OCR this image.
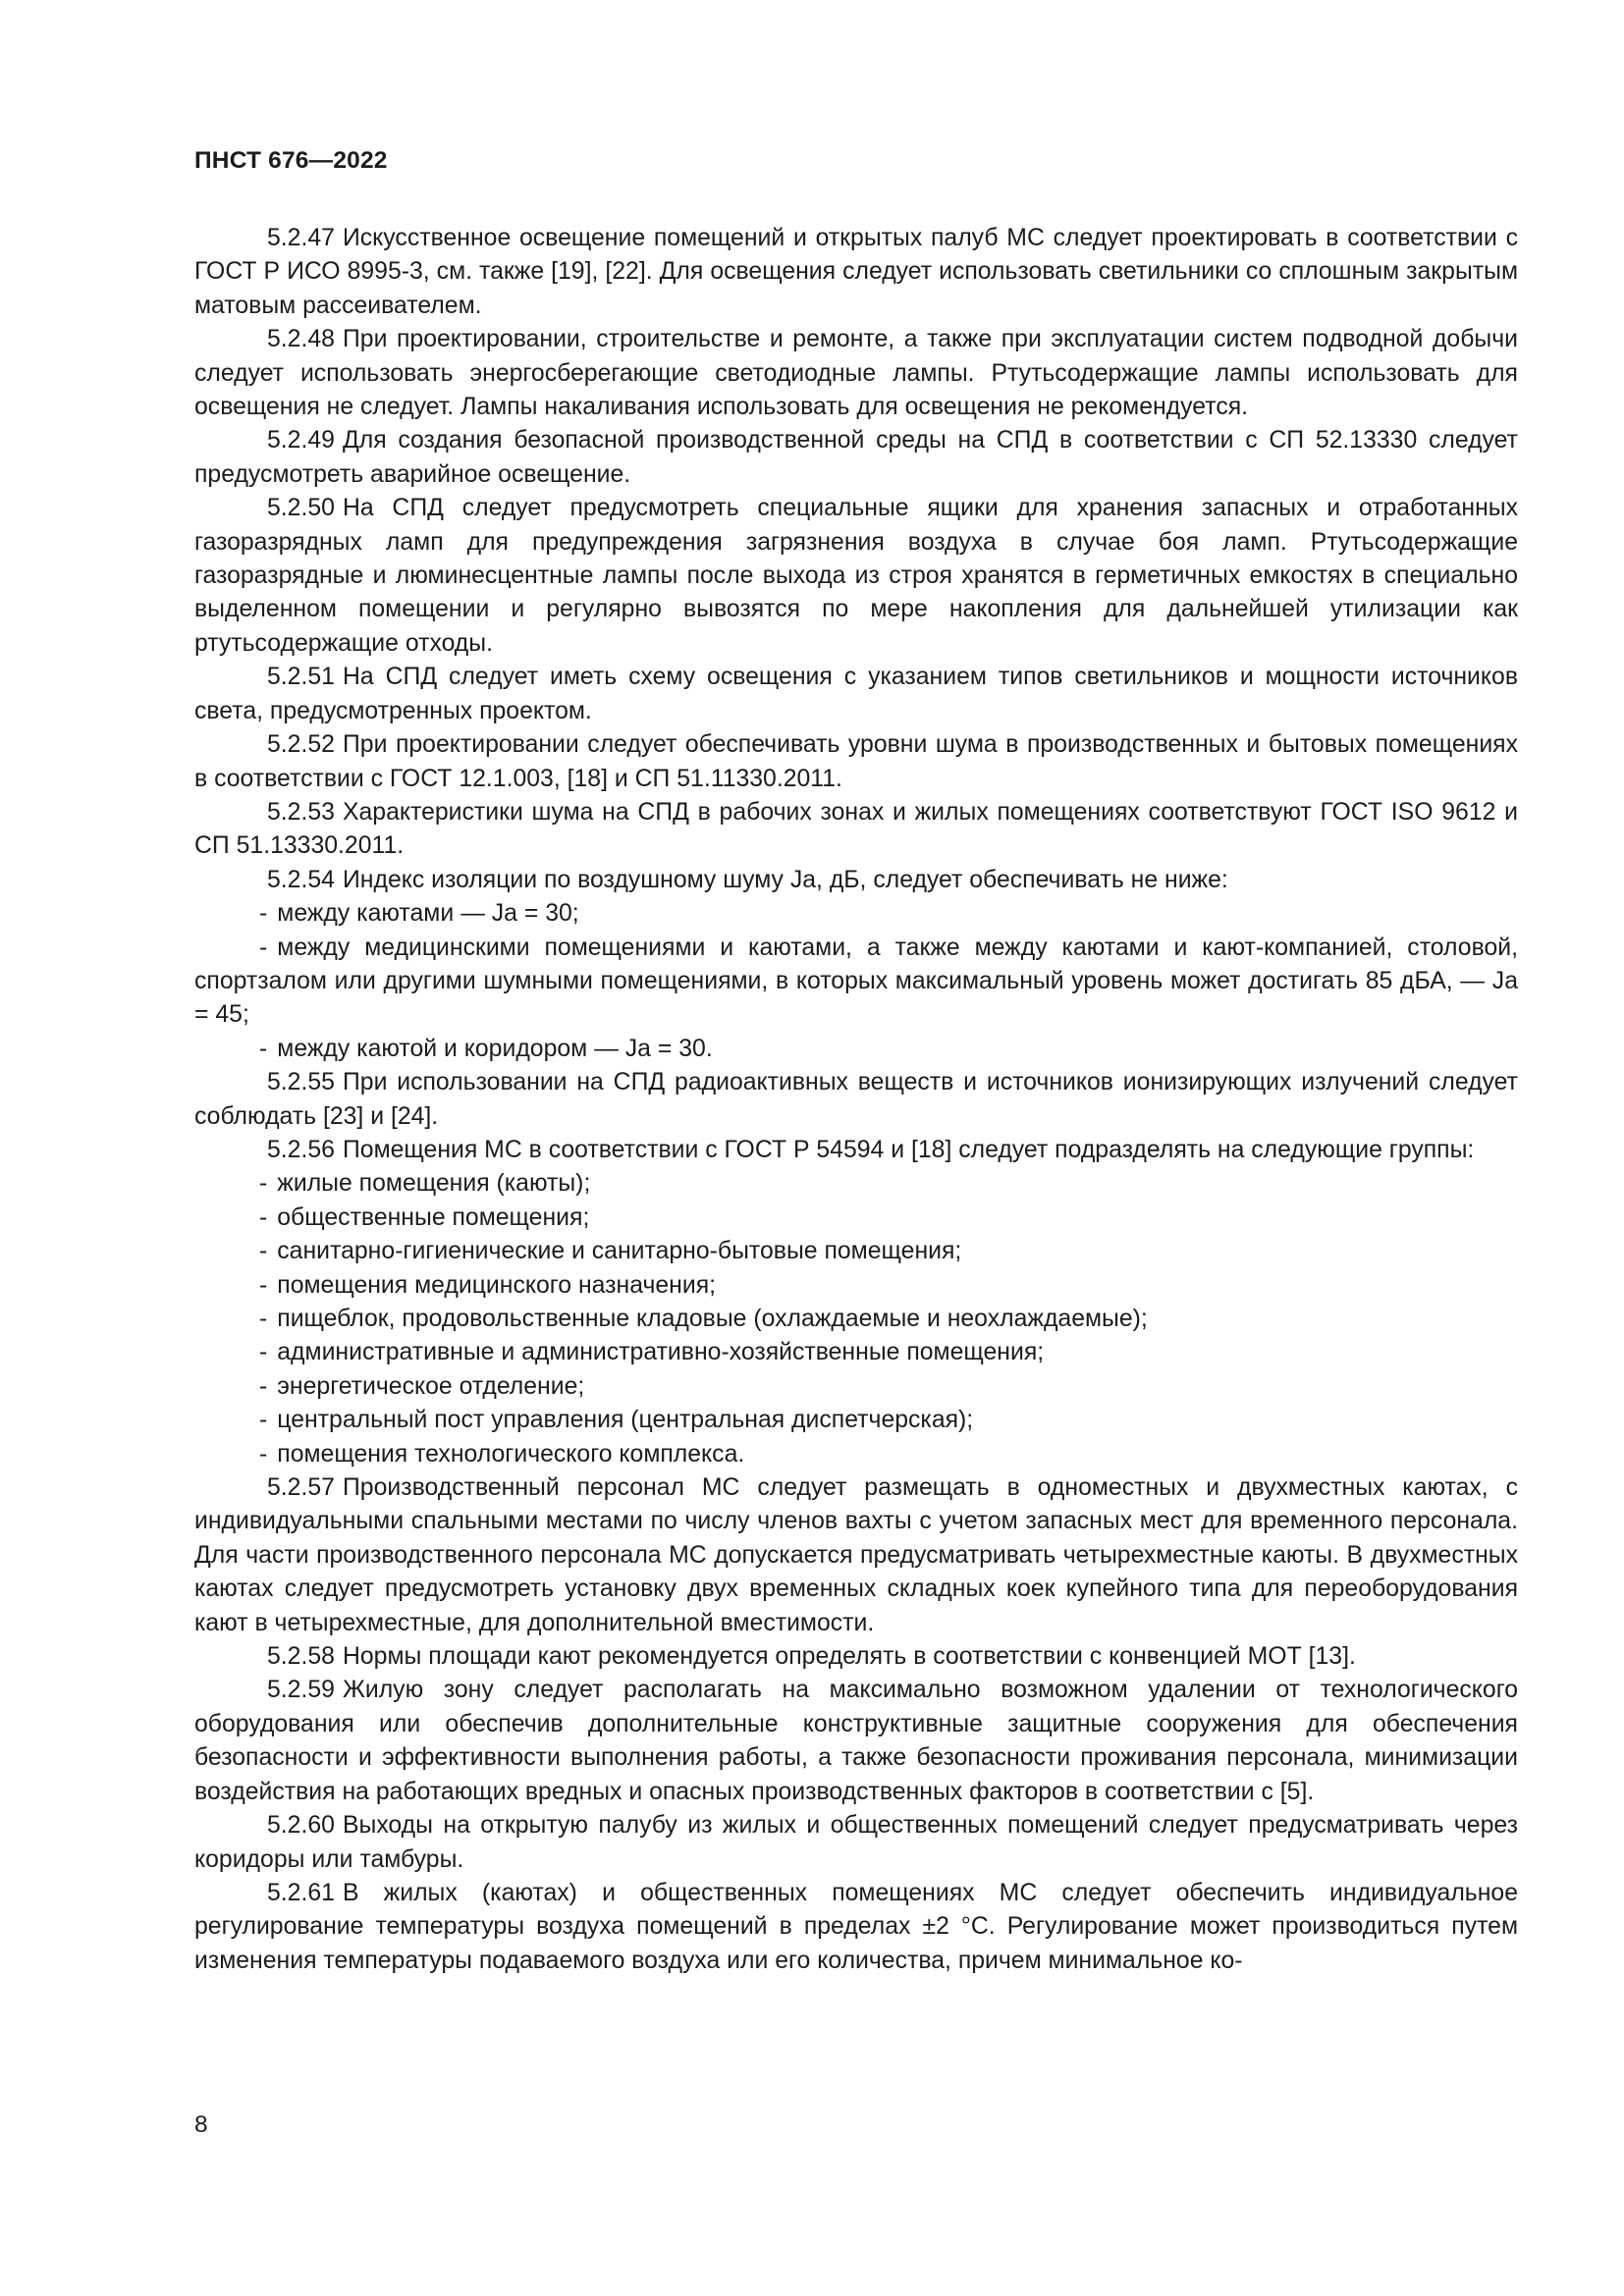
ПНСТ 676—2022

5.2.47 Искусственное освещение помещений и открытых палуб МС следует проектировать в соответствии с ГОСТ Р ИСО 8995-3, см. также [19], [22]. Для освещения следует использовать светильники со сплошным закрытым матовым рассеивателем.

5.2.48 При проектировании, строительстве и ремонте, а также при эксплуатации систем подводной добычи следует использовать энергосберегающие светодиодные лампы. Ртутьсодержащие лампы использовать для освещения не следует. Лампы накаливания использовать для освещения не рекомендуется.

5.2.49 Для создания безопасной производственной среды на СПД в соответствии с СП 52.13330 следует предусмотреть аварийное освещение.

5.2.50 На СПД следует предусмотреть специальные ящики для хранения запасных и отработанных газоразрядных ламп для предупреждения загрязнения воздуха в случае боя ламп. Ртутьсодержащие газоразрядные и люминесцентные лампы после выхода из строя хранятся в герметичных емкостях в специально выделенном помещении и регулярно вывозятся по мере накопления для дальнейшей утилизации как ртутьсодержащие отходы.

5.2.51 На СПД следует иметь схему освещения с указанием типов светильников и мощности источников света, предусмотренных проектом.

5.2.52 При проектировании следует обеспечивать уровни шума в производственных и бытовых помещениях в соответствии с ГОСТ 12.1.003, [18] и СП 51.11330.2011.

5.2.53 Характеристики шума на СПД в рабочих зонах и жилых помещениях соответствуют ГОСТ ISO 9612 и СП 51.13330.2011.

5.2.54 Индекс изоляции по воздушному шуму Ja, дБ, следует обеспечивать не ниже:

- между каютами — Ja = 30;

- между медицинскими помещениями и каютами, а также между каютами и кают-компанией, столовой, спортзалом или другими шумными помещениями, в которых максимальный уровень может достигать 85 дБА, — Ja = 45;

- между каютой и коридором — Ja = 30.

5.2.55 При использовании на СПД радиоактивных веществ и источников ионизирующих излучений следует соблюдать [23] и [24].

5.2.56 Помещения МС в соответствии с ГОСТ Р 54594 и [18] следует подразделять на следующие группы:

- жилые помещения (каюты);

- общественные помещения;

- санитарно-гигиенические и санитарно-бытовые помещения;

- помещения медицинского назначения;

- пищеблок, продовольственные кладовые (охлаждаемые и неохлаждаемые);

- административные и административно-хозяйственные помещения;

- энергетическое отделение;

- центральный пост управления (центральная диспетчерская);

- помещения технологического комплекса.

5.2.57 Производственный персонал МС следует размещать в одноместных и двухместных каютах, с индивидуальными спальными местами по числу членов вахты с учетом запасных мест для временного персонала. Для части производственного персонала МС допускается предусматривать четырехместные каюты. В двухместных каютах следует предусмотреть установку двух временных складных коек купейного типа для переоборудования кают в четырехместные, для дополнительной вместимости.

5.2.58 Нормы площади кают рекомендуется определять в соответствии с конвенцией МОТ [13].

5.2.59 Жилую зону следует располагать на максимально возможном удалении от технологического оборудования или обеспечив дополнительные конструктивные защитные сооружения для обеспечения безопасности и эффективности выполнения работы, а также безопасности проживания персонала, минимизации воздействия на работающих вредных и опасных производственных факторов в соответствии с [5].

5.2.60 Выходы на открытую палубу из жилых и общественных помещений следует предусматривать через коридоры или тамбуры.

5.2.61 В жилых (каютах) и общественных помещениях МС следует обеспечить индивидуальное регулирование температуры воздуха помещений в пределах ±2 °С. Регулирование может производиться путем изменения температуры подаваемого воздуха или его количества, причем минимальное ко-

8
